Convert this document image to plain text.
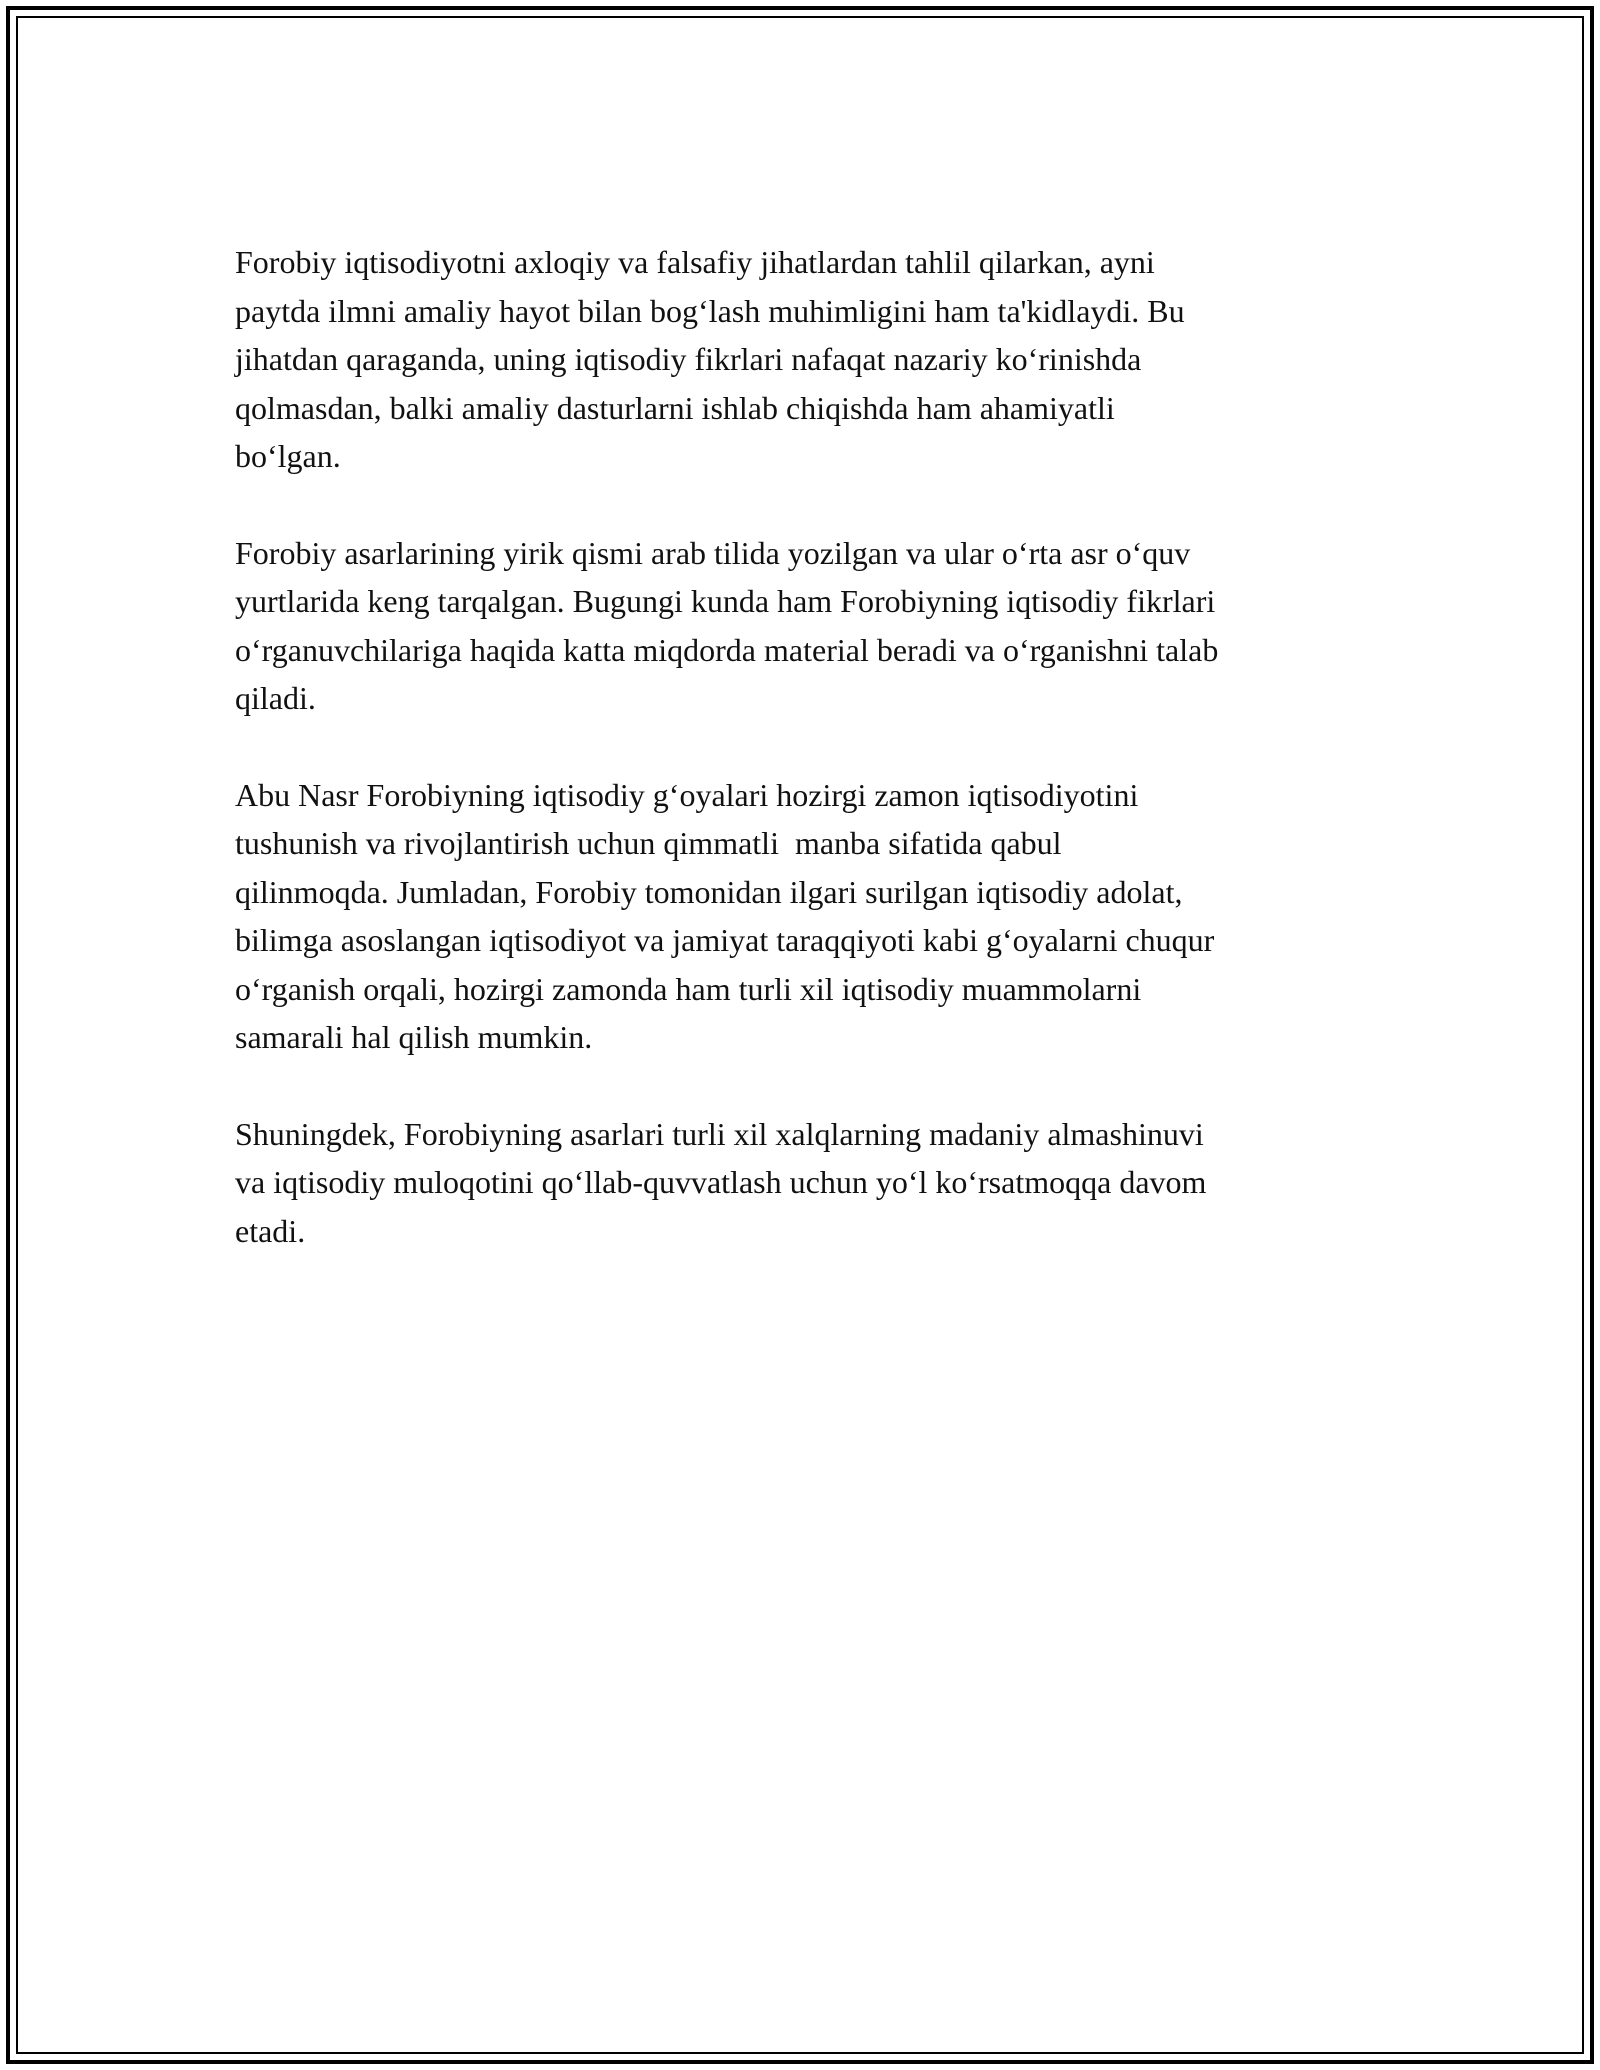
Forobiy iqtisodiyotni axloqiy va falsafiy jihatlardan tahlil qilarkan, ayni
paytda ilmni amaliy hayot bilan bog‘lash muhimligini ham ta'kidlaydi. Bu
jihatdan qaraganda, uning iqtisodiy fikrlari nafaqat nazariy ko‘rinishda
qolmasdan, balki amaliy dasturlarni ishlab chiqishda ham ahamiyatli
bo‘lgan.

Forobiy asarlarining yirik qismi arab tilida yozilgan va ular o‘rta asr o‘quv
yurtlarida keng tarqalgan. Bugungi kunda ham Forobiyning iqtisodiy fikrlari
o‘rganuvchilariga haqida katta miqdorda material beradi va o‘rganishni talab
qiladi.

Abu Nasr Forobiyning iqtisodiy g‘oyalari hozirgi zamon iqtisodiyotini
tushunish va rivojlantirish uchun qimmatli  manba sifatida qabul
qilinmoqda. Jumladan, Forobiy tomonidan ilgari surilgan iqtisodiy adolat,
bilimga asoslangan iqtisodiyot va jamiyat taraqqiyoti kabi g‘oyalarni chuqur
o‘rganish orqali, hozirgi zamonda ham turli xil iqtisodiy muammolarni
samarali hal qilish mumkin.

Shuningdek, Forobiyning asarlari turli xil xalqlarning madaniy almashinuvi
va iqtisodiy muloqotini qo‘llab-quvvatlash uchun yo‘l ko‘rsatmoqqa davom
etadi.
